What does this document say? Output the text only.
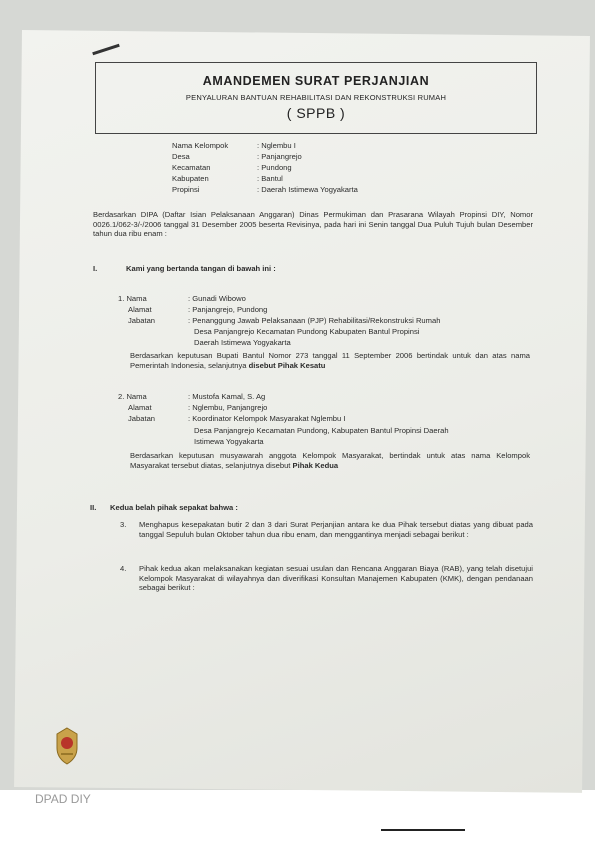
AMANDEMEN SURAT PERJANJIAN
PENYALURAN BANTUAN REHABILITASI DAN REKONSTRUKSI RUMAH
( SPPB )
Nama Kelompok	: Nglembu I
Desa	: Panjangrejo
Kecamatan	: Pundong
Kabupaten	: Bantul
Propinsi	: Daerah Istimewa Yogyakarta
Berdasarkan DIPA (Daftar Isian Pelaksanaan Anggaran) Dinas Permukiman dan Prasarana Wilayah Propinsi DIY, Nomor 0026.1/062-3/-/2006 tanggal 31 Desember 2005 beserta Revisinya, pada hari ini Senin tanggal Dua Puluh Tujuh bulan Desember tahun dua ribu enam :
I.	Kami yang bertanda tangan di bawah ini :
1. Nama	: Gunadi Wibowo
Alamat	: Panjangrejo, Pundong
Jabatan	: Penanggung Jawab Pelaksanaan (PJP) Rehabilitasi/Rekonstruksi Rumah
Desa Panjangrejo Kecamatan Pundong Kabupaten Bantul Propinsi
Daerah Istimewa Yogyakarta
Berdasarkan keputusan Bupati Bantul Nomor 273 tanggal 11 September 2006 bertindak untuk dan atas nama Pemerintah Indonesia, selanjutnya disebut Pihak Kesatu
2. Nama	: Mustofa Kamal, S. Ag
Alamat	: Nglembu, Panjangrejo
Jabatan	: Koordinator Kelompok Masyarakat Nglembu I
Desa Panjangrejo Kecamatan Pundong, Kabupaten Bantul Propinsi Daerah
Istimewa Yogyakarta
Berdasarkan keputusan musyawarah anggota Kelompok Masyarakat, bertindak untuk atas nama Kelompok Masyarakat tersebut diatas, selanjutnya disebut Pihak Kedua
II. Kedua belah pihak sepakat bahwa :
3. Menghapus kesepakatan butir 2 dan 3 dari Surat Perjanjian antara ke dua Pihak tersebut diatas yang dibuat pada tanggal Sepuluh bulan Oktober tahun dua ribu enam, dan menggantinya menjadi sebagai berikut :
4. Pihak kedua akan melaksanakan kegiatan sesuai usulan dan Rencana Anggaran Biaya (RAB), yang telah disetujui Kelompok Masyarakat di wilayahnya dan diverifikasi Konsultan Manajemen Kabupaten (KMK), dengan pendanaan sebagai berikut :
DPAD DIY
